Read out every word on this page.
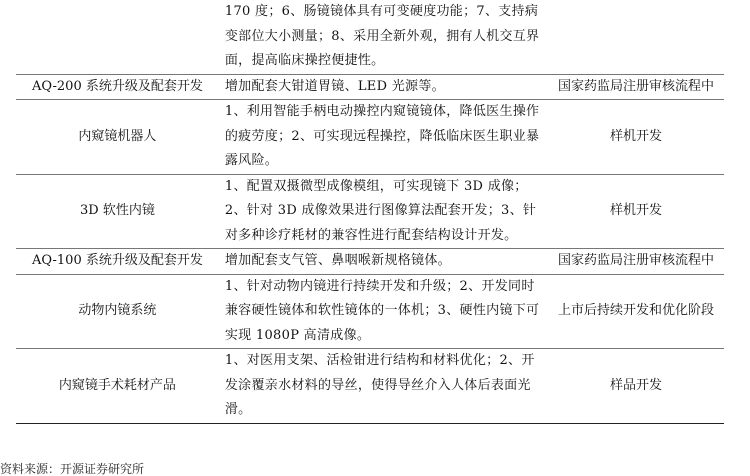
	170 度；6、肠镜镜体具有可变硬度功能；7、支持病变部位大小测量；8、采用全新外观，拥有人机交互界面，提高临床操控便捷性。	

AQ-200 系统升级及配套开发	增加配套大钳道胃镜、LED 光源等。	国家药监局注册审核流程中
内窥镜机器人	1、利用智能手柄电动操控内窥镜镜体，降低医生操作的疲劳度；2、可实现远程操控，降低临床医生职业暴露风险。	样机开发
3D 软性内镜	1、配置双摄微型成像模组，可实现镜下 3D 成像；2、针对 3D 成像效果进行图像算法配套开发；3、针对多种诊疗耗材的兼容性进行配套结构设计开发。	样机开发
AQ-100 系统升级及配套开发	增加配套支气管、鼻咽喉新规格镜体。	国家药监局注册审核流程中
动物内镜系统	1、针对动物内镜进行持续开发和升级；2、开发同时兼容硬性镜体和软性镜体的一体机；3、硬性内镜下可实现 1080P 高清成像。	上市后持续开发和优化阶段
内窥镜手术耗材产品	1、对医用支架、活检钳进行结构和材料优化；2、开发涂覆亲水材料的导丝，使得导丝介入人体后表面光滑。	样品开发
资料来源：开源证券研究所
